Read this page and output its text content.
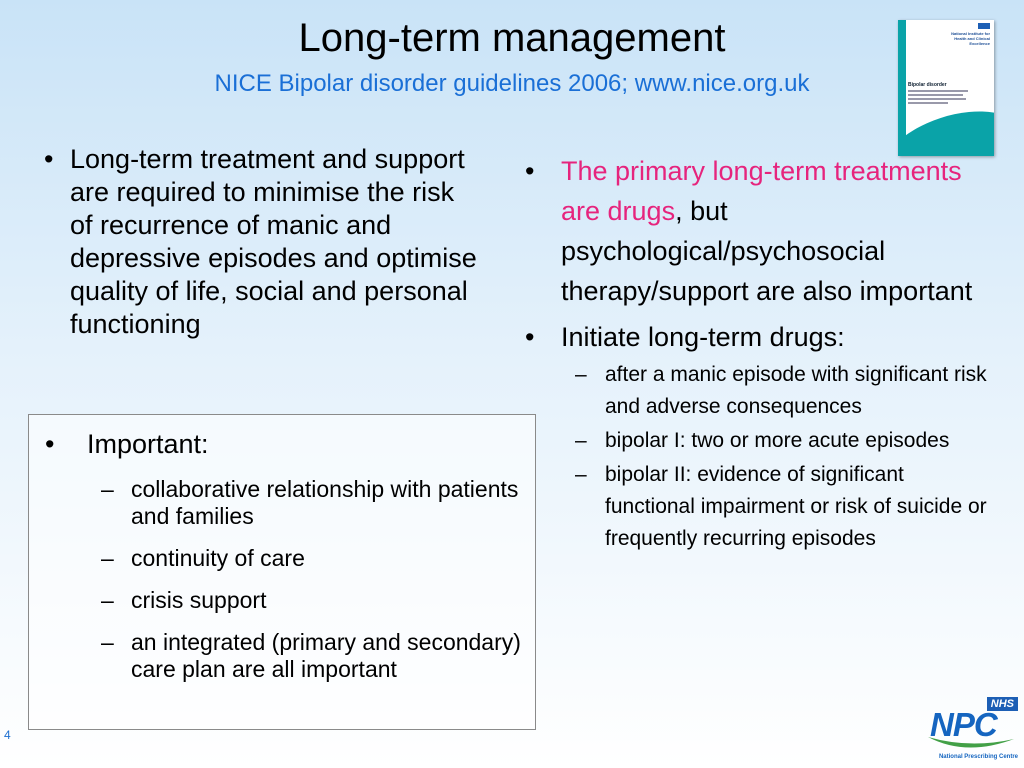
Long-term management
NICE Bipolar disorder guidelines 2006; www.nice.org.uk
National Institute for Health and Clinical Excellence
Bipolar disorder
• Long-term treatment and support are required to minimise the risk of recurrence of manic and depressive episodes and optimise quality of life, social and personal functioning
• Important:
– collaborative relationship with patients and families
– continuity of care
– crisis support
– an integrated (primary and secondary) care plan are all important
• The primary long-term treatments are drugs, but psychological/psychosocial therapy/support are also important
• Initiate long-term drugs:
– after a manic episode with significant risk and adverse consequences
– bipolar I: two or more acute episodes
– bipolar II: evidence of significant functional impairment or risk of suicide or frequently recurring episodes
4
NHS
NPC
National Prescribing Centre
